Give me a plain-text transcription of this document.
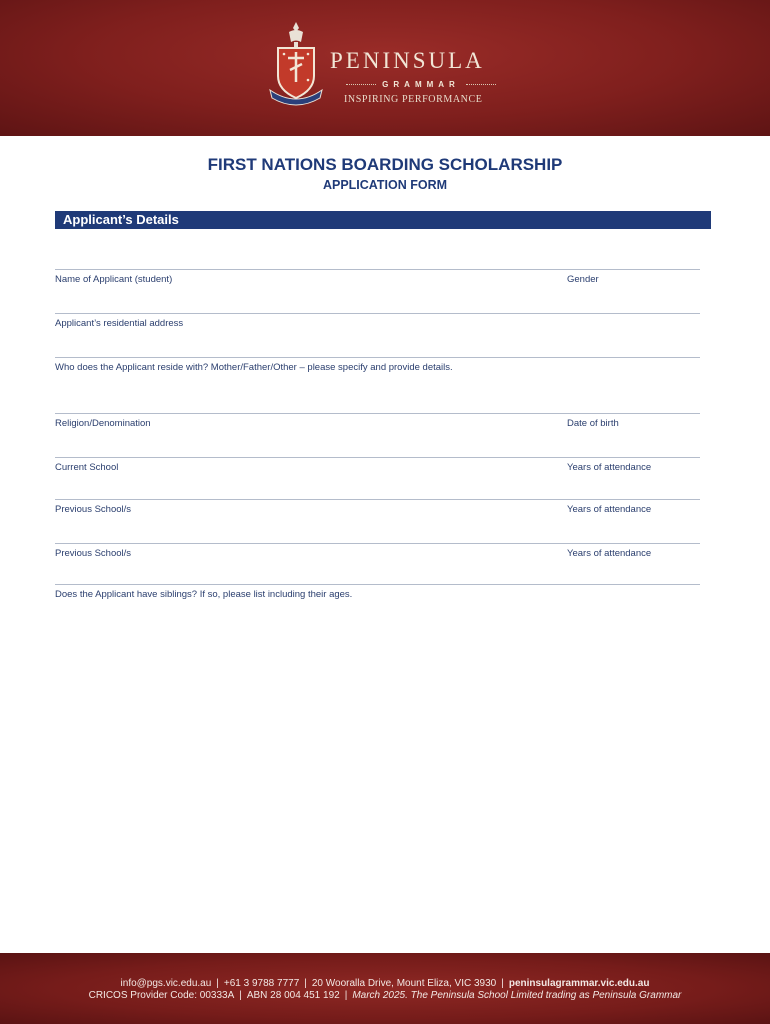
PENINSULA

GRAMMAR
INSPIRING PERFORMANCE
FIRST NATIONS BOARDING SCHOLARSHIP
APPLICATION FORM
Applicant’s Details
Name of Applicant (student)	Gender
Applicant’s residential address
Who does the Applicant reside with? Mother/Father/Other – please specify and provide details.
Religion/Denomination	Date of birth
Current School	Years of attendance
Previous School/s	Years of attendance
Previous School/s	Years of attendance
Does the Applicant have siblings? If so, please list including their ages.
info@pgs.vic.edu.au | +61 3 9788 7777 | 20 Wooralla Drive, Mount Eliza, VIC 3930 | peninsulagrammar.vic.edu.au
CRICOS Provider Code: 00333A | ABN 28 004 451 192 | March 2025. The Peninsula School Limited trading as Peninsula Grammar
